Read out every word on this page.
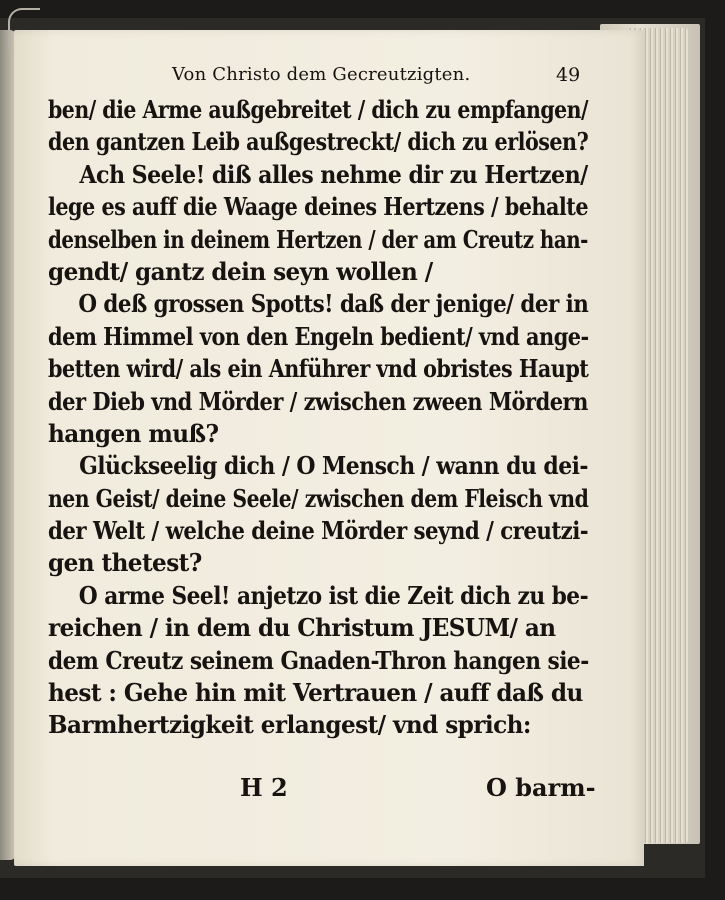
Von Christo dem Gecreutzigten.	49
ben/ die Arme außgebreitet / dich zu empfangen/
den gantzen Leib außgestreckt/ dich zu erlösen?
Ach Seele! diß alles nehme dir zu Hertzen/
lege es auff die Waage deines Hertzens / behalte
denselben in deinem Hertzen / der am Creutz han-
gendt/ gantz dein seyn wollen /
O deß grossen Spotts! daß der jenige/ der in
dem Himmel von den Engeln bedient/ vnd ange-
betten wird/ als ein Anführer vnd obristes Haupt
der Dieb vnd Mörder / zwischen zween Mördern
hangen muß?
Glückseelig dich / O Mensch / wann du dei-
nen Geist/ deine Seele/ zwischen dem Fleisch vnd
der Welt / welche deine Mörder seynd / creutzi-
gen thetest?
O arme Seel! anjetzo ist die Zeit dich zu be-
reichen / in dem du Christum JESUM/ an
dem Creutz seinem Gnaden-Thron hangen sie-
hest : Gehe hin mit Vertrauen / auff daß du
Barmhertzigkeit erlangest/ vnd sprich:
H 2	O barm-
